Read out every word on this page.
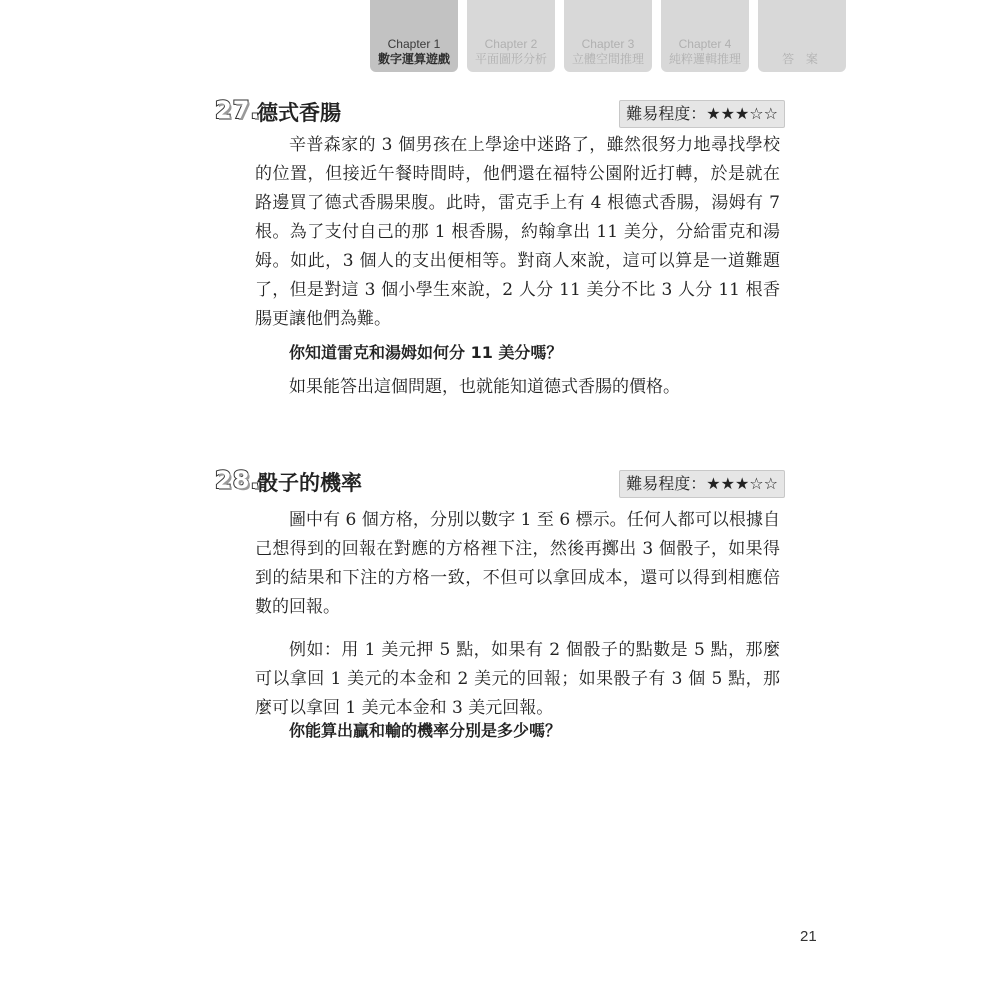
Chapter 1
數字運算遊戲
Chapter 2
平面圖形分析
Chapter 3
立體空間推理
Chapter 4
純粹邏輯推理	答 案
27.
德式香腸	難易程度：★★★☆☆

辛普森家的 3 個男孩在上學途中迷路了，雖然很努力地尋找學校的位置，但接近午餐時間時，他們還在福特公園附近打轉，於是就在路邊買了德式香腸果腹。此時，雷克手上有 4 根德式香腸，湯姆有 7 根。為了支付自己的那 1 根香腸，約翰拿出 11 美分，分給雷克和湯姆。如此，3 個人的支出便相等。對商人來說，這可以算是一道難題了，但是對這 3 個小學生來說，2 人分 11 美分不比 3 人分 11 根香腸更讓他們為難。

你知道雷克和湯姆如何分 11 美分嗎？
如果能答出這個問題，也就能知道德式香腸的價格。
28.
骰子的機率	難易程度：★★★☆☆

圖中有 6 個方格，分別以數字 1 至 6 標示。任何人都可以根據自己想得到的回報在對應的方格裡下注，然後再擲出 3 個骰子，如果得到的結果和下注的方格一致，不但可以拿回成本，還可以得到相應倍數的回報。

例如：用 1 美元押 5 點，如果有 2 個骰子的點數是 5 點，那麼可以拿回 1 美元的本金和 2 美元的回報；如果骰子有 3 個 5 點，那麼可以拿回 1 美元本金和 3 美元回報。

你能算出贏和輸的機率分別是多少嗎？
21
